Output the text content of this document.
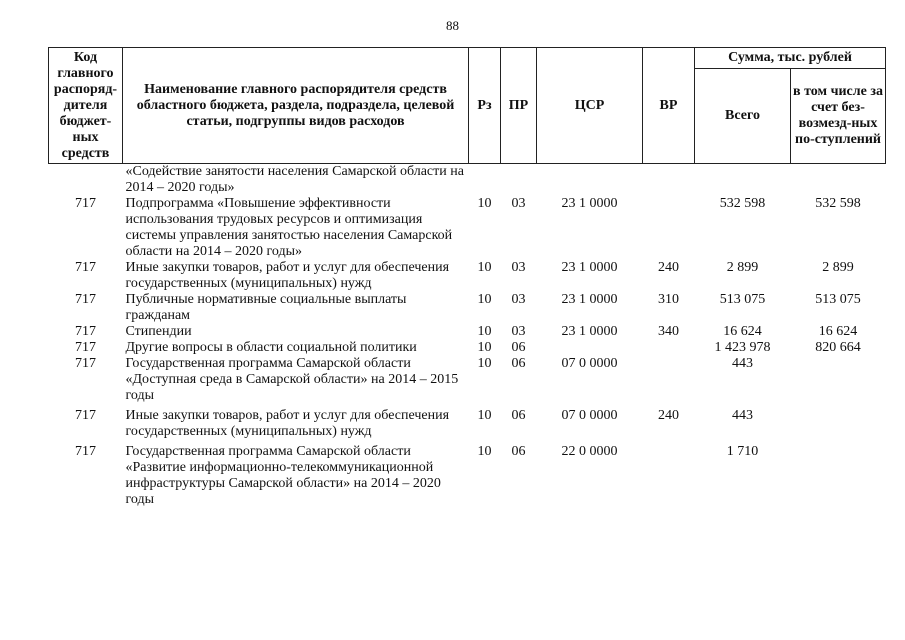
88
Код главного распоряд-дителя бюджет-ных средств	Наименование главного распорядителя средств областного бюджета, раздела, подраздела, целевой статьи, подгруппы видов расходов	Рз	ПР	ЦСР	ВР	Сумма, тыс. рублей	
						Всего	в том числе за счет без-возмезд-ных по-ступлений
	«Содействие занятости населения Самарской области на 2014 – 2020 годы»						
717	Подпрограмма «Повышение эффективности использования трудовых ресурсов и оптимизация системы управления занятостью населения Самарской области на 2014 – 2020 годы»	10	03	23 1 0000		532 598	532 598
717	Иные закупки товаров, работ и услуг для обеспечения государственных (муниципальных) нужд	10	03	23 1 0000	240	2 899	2 899
717	Публичные нормативные социальные выплаты гражданам	10	03	23 1 0000	310	513 075	513 075
717	Стипендии	10	03	23 1 0000	340	16 624	16 624
717	Другие вопросы в области социальной политики	10	06			1 423 978	820 664
717	Государственная программа Самарской области «Доступная среда в Самарской области» на 2014 – 2015 годы	10	06	07 0 0000		443	
717	Иные закупки товаров, работ и услуг для обеспечения государственных (муниципальных) нужд	10	06	07 0 0000	240	443	
717	Государственная программа Самарской области «Развитие информационно-телекоммуникационной инфраструктуры Самарской области» на 2014 – 2020 годы	10	06	22 0 0000		1 710	
